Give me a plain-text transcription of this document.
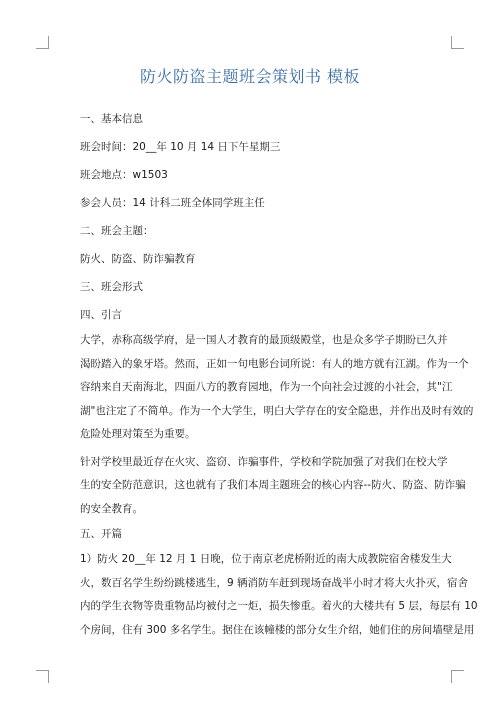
防火防盗主题班会策划书 模板

一、基本信息

班会时间：20__年 10 月 14 日下午星期三

班会地点：w1503

参会人员：14 计科二班全体同学班主任

二、班会主题：

防火、防盗、防诈骗教育

三、班会形式

四、引言

大学，赤称高级学府，是一国人才教育的最顶级殿堂，也是众多学子期盼已久并
渴盼踏入的象牙塔。然而，正如一句电影台词所说：有人的地方就有江湖。作为一个
容纳来自天南海北，四面八方的教育园地，作为一个向社会过渡的小社会，其"江
湖"也注定了不简单。作为一个大学生，明白大学存在的安全隐患，并作出及时有效的
危险处理对策至为重要。
针对学校里最近存在火灾、盗窃、诈骗事件，学校和学院加强了对我们在校大学
生的安全防范意识，这也就有了我们本周主题班会的核心内容--防火、防盗、防诈骗
的安全教育。

五、开篇

1）防火 20__年 12 月 1 日晚，位于南京老虎桥附近的南大成教院宿舍楼发生大
火，数百名学生纷纷跳楼逃生，9 辆消防车赶到现场奋战半小时才将大火扑灭，宿舍
内的学生衣物等贵重物品均被付之一炬，损失惨重。着火的大楼共有 5 层，每层有 10
个房间，住有 300 多名学生。据住在该幢楼的部分女生介绍，她们住的房间墙壁是用
